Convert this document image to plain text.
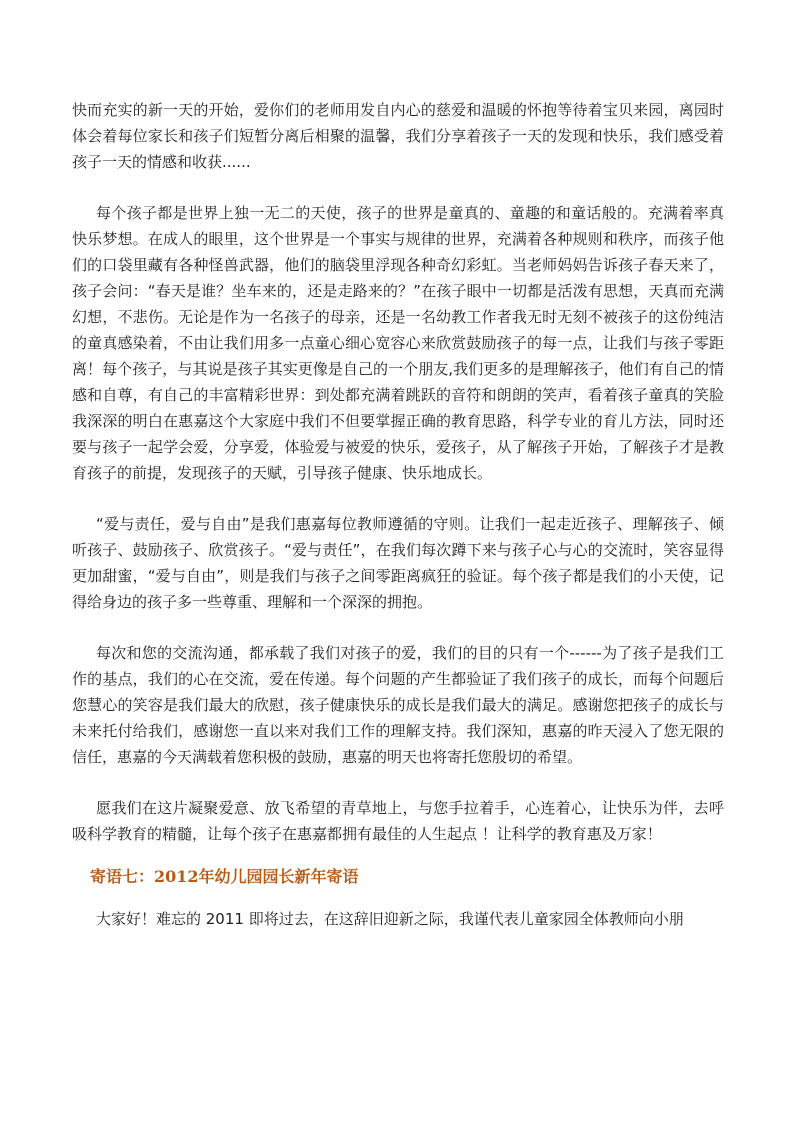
快而充实的新一天的开始，爱你们的老师用发自内心的慈爱和温暖的怀抱等待着宝贝来园，离园时体会着每位家长和孩子们短暂分离后相聚的温馨，我们分享着孩子一天的发现和快乐，我们感受着孩子一天的情感和收获......

每个孩子都是世界上独一无二的天使，孩子的世界是童真的、童趣的和童话般的。充满着率真快乐梦想。在成人的眼里，这个世界是一个事实与规律的世界，充满着各种规则和秩序，而孩子他们的口袋里藏有各种怪兽武器，他们的脑袋里浮现各种奇幻彩虹。当老师妈妈告诉孩子春天来了，孩子会问：“春天是谁？坐车来的，还是走路来的？”在孩子眼中一切都是活泼有思想，天真而充满幻想，不悲伤。无论是作为一名孩子的母亲，还是一名幼教工作者我无时无刻不被孩子的这份纯洁的童真感染着，不由让我们用多一点童心细心宽容心来欣赏鼓励孩子的每一点，让我们与孩子零距离！每个孩子，与其说是孩子其实更像是自己的一个朋友,我们更多的是理解孩子，他们有自己的情感和自尊，有自己的丰富精彩世界：到处都充满着跳跃的音符和朗朗的笑声，看着孩子童真的笑脸我深深的明白在惠嘉这个大家庭中我们不但要掌握正确的教育思路，科学专业的育儿方法，同时还要与孩子一起学会爱，分享爱，体验爱与被爱的快乐，爱孩子，从了解孩子开始，了解孩子才是教育孩子的前提，发现孩子的天赋，引导孩子健康、快乐地成长。

“爱与责任，爱与自由”是我们惠嘉每位教师遵循的守则。让我们一起走近孩子、理解孩子、倾听孩子、鼓励孩子、欣赏孩子。“爱与责任”，在我们每次蹲下来与孩子心与心的交流时，笑容显得更加甜蜜，“爱与自由”，则是我们与孩子之间零距离疯狂的验证。每个孩子都是我们的小天使，记得给身边的孩子多一些尊重、理解和一个深深的拥抱。

每次和您的交流沟通，都承载了我们对孩子的爱，我们的目的只有一个------为了孩子是我们工作的基点，我们的心在交流，爱在传递。每个问题的产生都验证了我们孩子的成长，而每个问题后您慧心的笑容是我们最大的欣慰，孩子健康快乐的成长是我们最大的满足。感谢您把孩子的成长与未来托付给我们，感谢您一直以来对我们工作的理解支持。我们深知，惠嘉的昨天浸入了您无限的信任，惠嘉的今天满载着您积极的鼓励，惠嘉的明天也将寄托您殷切的希望。

愿我们在这片凝聚爱意、放飞希望的青草地上，与您手拉着手，心连着心，让快乐为伴，去呼吸科学教育的精髓，让每个孩子在惠嘉都拥有最佳的人生起点 ！让科学的教育惠及万家！

寄语七：2012年幼儿园园长新年寄语

大家好！难忘的 2011 即将过去，在这辞旧迎新之际，我谨代表儿童家园全体教师向小朋
